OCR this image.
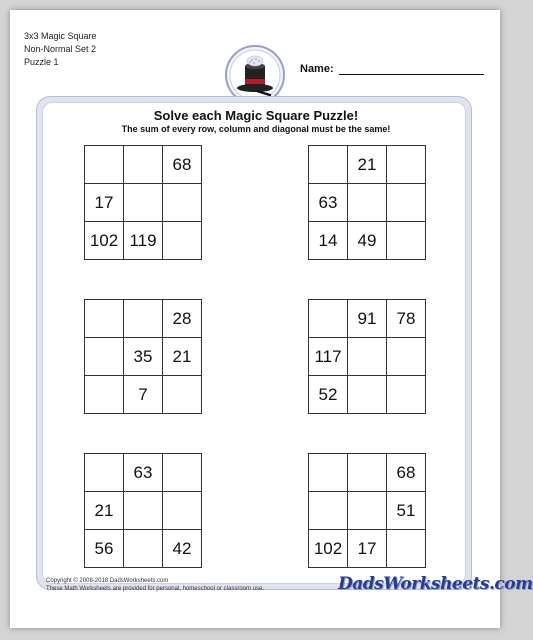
3x3 Magic Square
Non-Normal Set 2
Puzzle 1
Name:
Solve each Magic Square Puzzle!
The sum of every row, column and diagonal must be the same!
		68
17		
102	119	
	21	
63		
14	49	
		28
	35	21
	7	
	91	78
117		
52		
	63	
21		
56		42
		68
		51
102	17	
Copyright © 2008-2018 DadsWorksheets.com
These Math Worksheets are provided for personal, homeschool or classroom use.	DadsWorksheets.com
